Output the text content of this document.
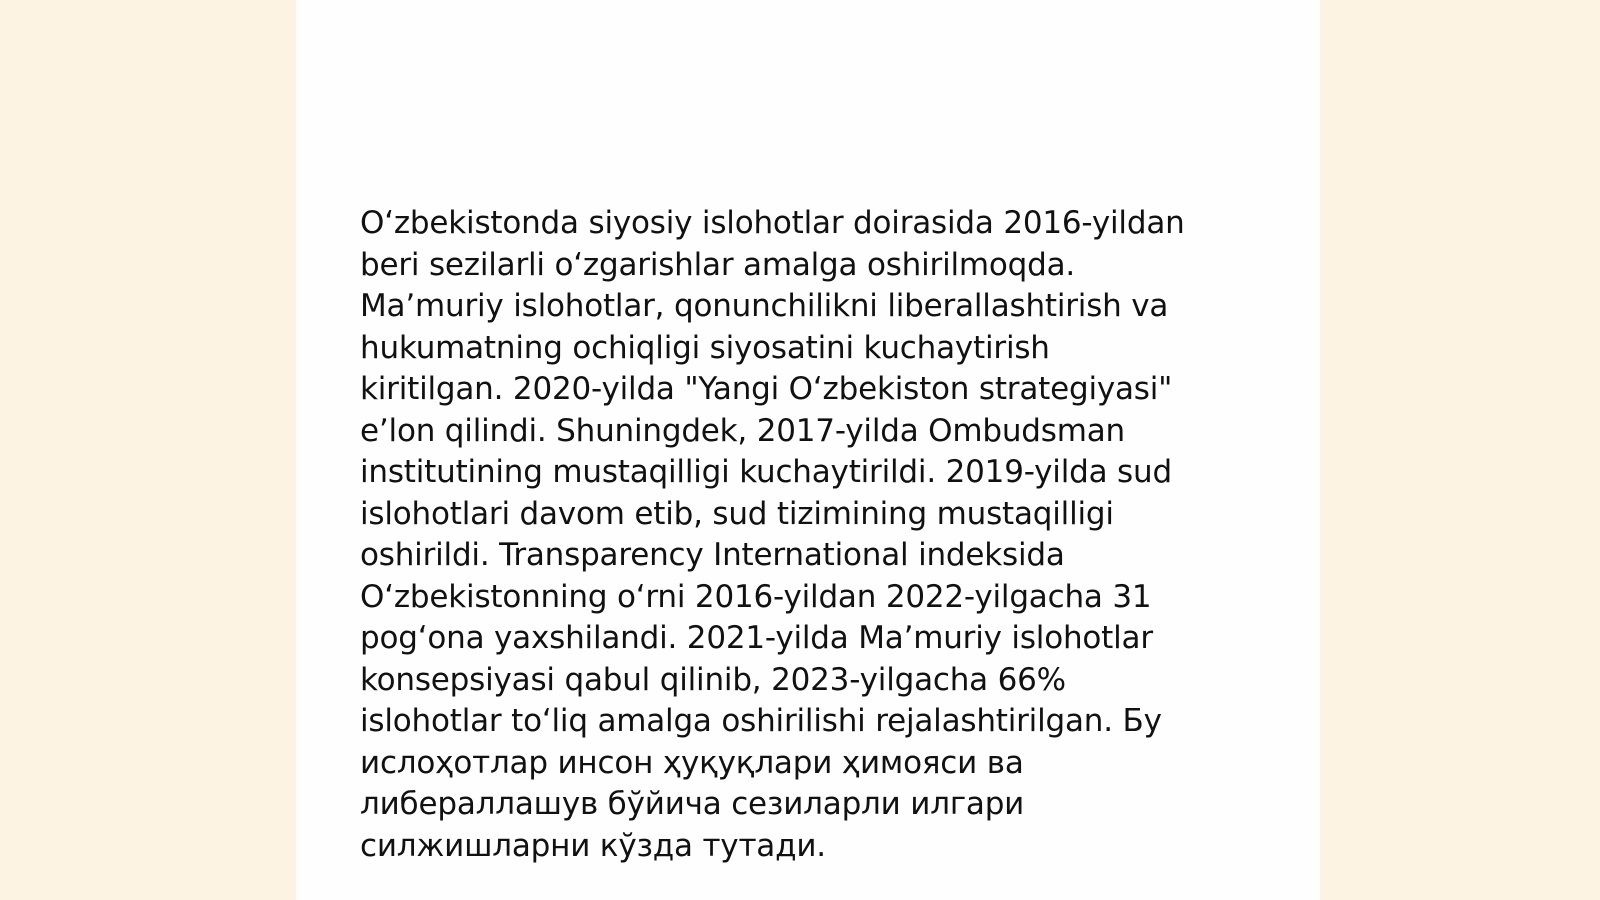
O‘zbekistonda siyosiy islohotlar doirasida 2016-yildan
beri sezilarli o‘zgarishlar amalga oshirilmoqda.
Ma’muriy islohotlar, qonunchilikni liberallashtirish va
hukumatning ochiqligi siyosatini kuchaytirish
kiritilgan. 2020-yilda "Yangi O‘zbekiston strategiyasi"
e’lon qilindi. Shuningdek, 2017-yilda Ombudsman
institutining mustaqilligi kuchaytirildi. 2019-yilda sud
islohotlari davom etib, sud tizimining mustaqilligi
oshirildi. Transparency International indeksida
O‘zbekistonning o‘rni 2016-yildan 2022-yilgacha 31
pog‘ona yaxshilandi. 2021-yilda Ma’muriy islohotlar
konsepsiyasi qabul qilinib, 2023-yilgacha 66%
islohotlar to‘liq amalga oshirilishi rejalashtirilgan. Бу
ислоҳотлар инсон ҳуқуқлари ҳимояси ва
либераллашув бўйича сезиларли илгари
силжишларни кўзда тутади.
